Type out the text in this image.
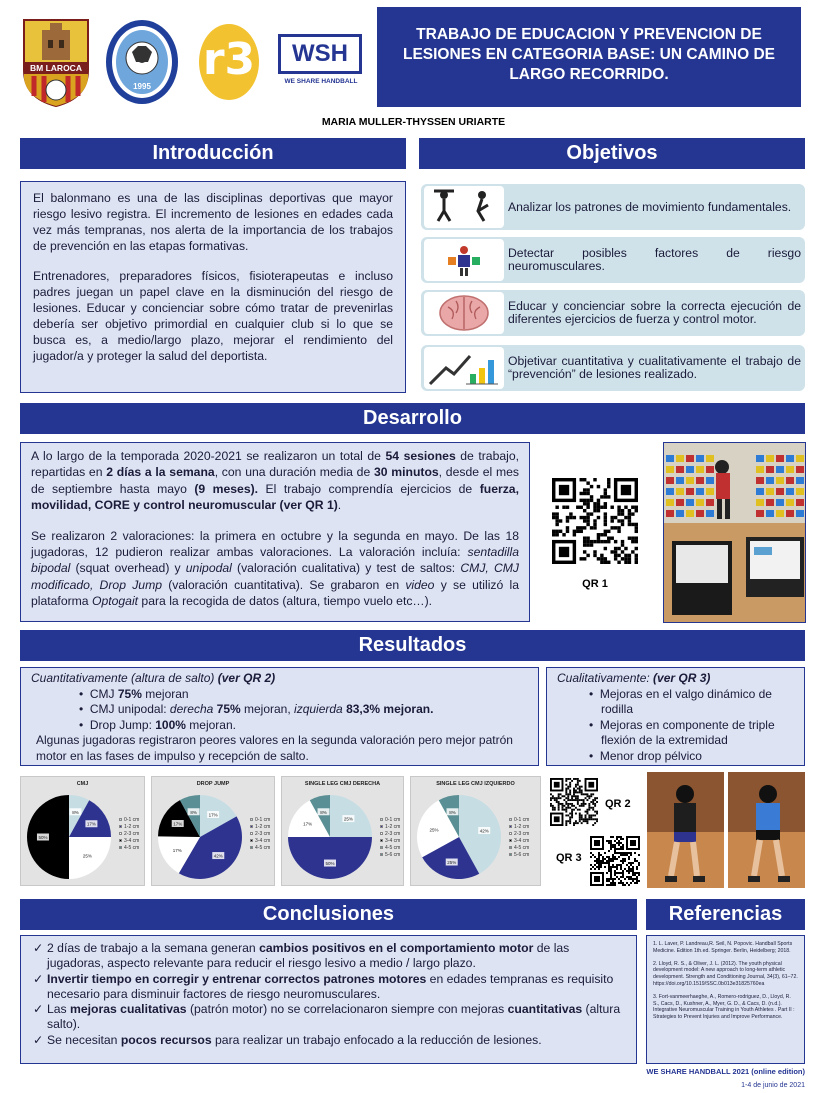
BM LAROCA
1995
r3	WSH
WE SHARE HANDBALL
TRABAJO DE EDUCACION Y PREVENCION DE LESIONES EN CATEGORIA BASE: UN CAMINO DE LARGO RECORRIDO.
MARIA MULLER-THYSSEN URIARTE
Introducción

El balonmano es una de las disciplinas deportivas que mayor riesgo lesivo registra. El incremento de lesiones en edades cada vez más tempranas, nos alerta de la importancia de los trabajos de prevención en las etapas formativas.

Entrenadores, preparadores físicos, fisioterapeutas e incluso padres juegan un papel clave en la disminución del riesgo de lesiones. Educar y concienciar sobre cómo tratar de prevenirlas debería ser objetivo primordial en cualquier club si lo que se busca es, a medio/largo plazo, mejorar el rendimiento del jugador/a y proteger la salud del deportista.

Objetivos
Analizar los patrones de movimiento fundamentales.
Detectar posibles factores de riesgo neuromusculares.
Educar y concienciar sobre la correcta ejecución de diferentes ejercicios de fuerza y control motor.
Objetivar cuantitativa y cualitativamente el trabajo de “prevención” de lesiones realizado.
Desarrollo

A lo largo de la temporada 2020-2021 se realizaron un total de 54 sesiones de trabajo, repartidas en 2 días a la semana, con una duración media de 30 minutos, desde el mes de septiembre hasta mayo (9 meses). El trabajo comprendía ejercicios de fuerza, movilidad, CORE y control neuromuscular (ver QR 1).

Se realizaron 2 valoraciones: la primera en octubre y la segunda en mayo. De las 18 jugadoras, 12 pudieron realizar ambas valoraciones. La valoración incluía: sentadilla bipodal (squat overhead) y unipodal (valoración cualitativa) y test de saltos: CMJ, CMJ modificado, Drop Jump (valoración cuantitativa). Se grabaron en video y se utilizó la plataforma Optogait para la recogida de datos (altura, tiempo vuelo etc…).

QR 1
Resultados
Cuantitativamente (altura de salto) (ver QR 2)
•  CMJ 75% mejoran
•  CMJ unipodal: derecha 75% mejoran, izquierda 83,3% mejoran.
•  Drop Jump: 100% mejoran.

Algunas jugadoras registraron peores valores en la segunda valoración pero mejor patrón motor en las fases de impulso y recepción de salto.

Cualitativamente: (ver QR 3)
•  Mejoras en el valgo dinámico de rodilla
•  Mejoras en componente de triple flexión de la extremidad
•  Menor drop pélvico
CMJ
8%
17%
25%
50%
0-1 cm
1-2 cm
2-3 cm
3-4 cm
4-5 cm
DROP JUMP
17%
42%
17%
17%
8%
0-1 cm
1-2 cm
2-3 cm
3-4 cm
4-5 cm
SINGLE LEG CMJ DERECHA
25%
50%
17%
8%
0-1 cm
1-2 cm
2-3 cm
3-4 cm
4-5 cm
5-6 cm
SINGLE LEG CMJ IZQUIERDO
42%
25%
25%
8%
0-1 cm
1-2 cm
2-3 cm
3-4 cm
4-5 cm
5-6 cm
QR 2
QR 3
Conclusiones
✓ 2 días de trabajo a la semana generan cambios positivos en el comportamiento motor de las jugadoras, aspecto relevante para reducir el riesgo lesivo a medio / largo plazo.
✓ Invertir tiempo en corregir y entrenar correctos patrones motores en edades tempranas es requisito necesario para disminuir factores de riesgo neuromusculares.
✓ Las mejoras cualitativas (patrón motor) no se correlacionaron siempre con mejoras cuantitativas (altura salto).
✓ Se necesitan pocos recursos para realizar un trabajo enfocado a la reducción de lesiones.
Referencias

1. L. Laver, P. Landreau,R. Seil, N. Popovic. Handball Sports Medicine. Edition 1th.ed. Springer. Berlin, Heidelberg; 2018.

2. Lloyd, R. S., & Oliver, J. L. (2012). The youth physical development model: A new approach to long-term athletic development. Strength and Conditioning Journal, 34(3), 61–72. https://doi.org/10.1519/SSC.0b013e31825760ea

3. Fort-vanmeerhaeghe, A., Romero-rodriguez, D., Lloyd, R. S., Cacs, D., Kushner, A., Myer, G. D., & Cacs, D. (n.d.). Integrative Neuromuscular Training in Youth Athletes . Part II : Strategies to Prevent Injuries and Improve Performance.

WE SHARE HANDBALL 2021 (online edition)
1-4 de junio de 2021
